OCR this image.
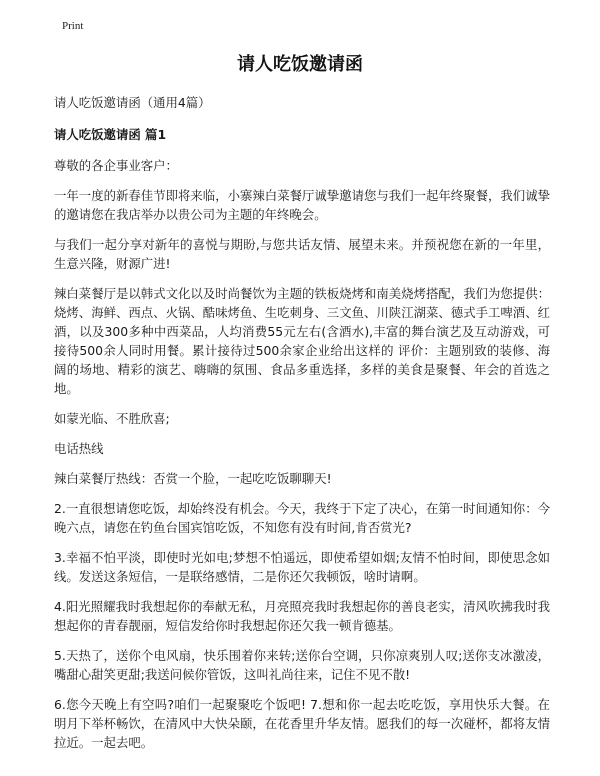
Print
请人吃饭邀请函

请人吃饭邀请函（通用4篇）

请人吃饭邀请函 篇1

尊敬的各企事业客户：

一年一度的新春佳节即将来临，小寨辣白菜餐厅诚挚邀请您与我们一起年终聚餐，我们诚挚的邀请您在我店举办以贵公司为主题的年终晚会。

与我们一起分享对新年的喜悦与期盼,与您共话友情、展望未来。并预祝您在新的一年里，生意兴隆，财源广进!

辣白菜餐厅是以韩式文化以及时尚餐饮为主题的铁板烧烤和南美烧烤搭配，我们为您提供：烧烤、海鲜、西点、火锅、酷味烤鱼、生吃刺身、三文鱼、川陕江湖菜、德式手工啤酒、红酒，以及300多种中西菜品，人均消费55元左右(含酒水),丰富的舞台演艺及互动游戏，可接待500余人同时用餐。累计接待过500余家企业给出这样的 评价：主题别致的装修、海阔的场地、精彩的演艺、嗨嗨的氛围、食品多重选择，多样的美食是聚餐、年会的首选之地。

如蒙光临、不胜欣喜;

电话热线

辣白菜餐厅热线：否赏一个脸，一起吃吃饭聊聊天!

2.一直很想请您吃饭，却始终没有机会。今天，我终于下定了决心，在第一时间通知你：今晚六点，请您在钓鱼台国宾馆吃饭，不知您有没有时间,肯否赏光?

3.幸福不怕平淡，即使时光如电;梦想不怕遥远，即使希望如烟;友情不怕时间，即使思念如线。发送这条短信，一是联络感情，二是你还欠我顿饭，啥时请啊。

4.阳光照耀我时我想起你的奉献无私，月亮照亮我时我想起你的善良老实，清风吹拂我时我想起你的青春靓丽，短信发给你时我想起你还欠我一顿肯德基。

5.天热了，送你个电风扇，快乐围着你来转;送你台空调，只你凉爽别人叹;送你支冰激凌，嘴甜心甜笑更甜;我送问候你管饭，这叫礼尚往来，记住不见不散!

6.您今天晚上有空吗?咱们一起聚聚吃个饭吧! 7.想和你一起去吃吃饭，享用快乐大餐。在明月下举杯畅饮，在清风中大快朵颐，在花香里升华友情。愿我们的每一次碰杯，都将友情拉近。一起去吧。
